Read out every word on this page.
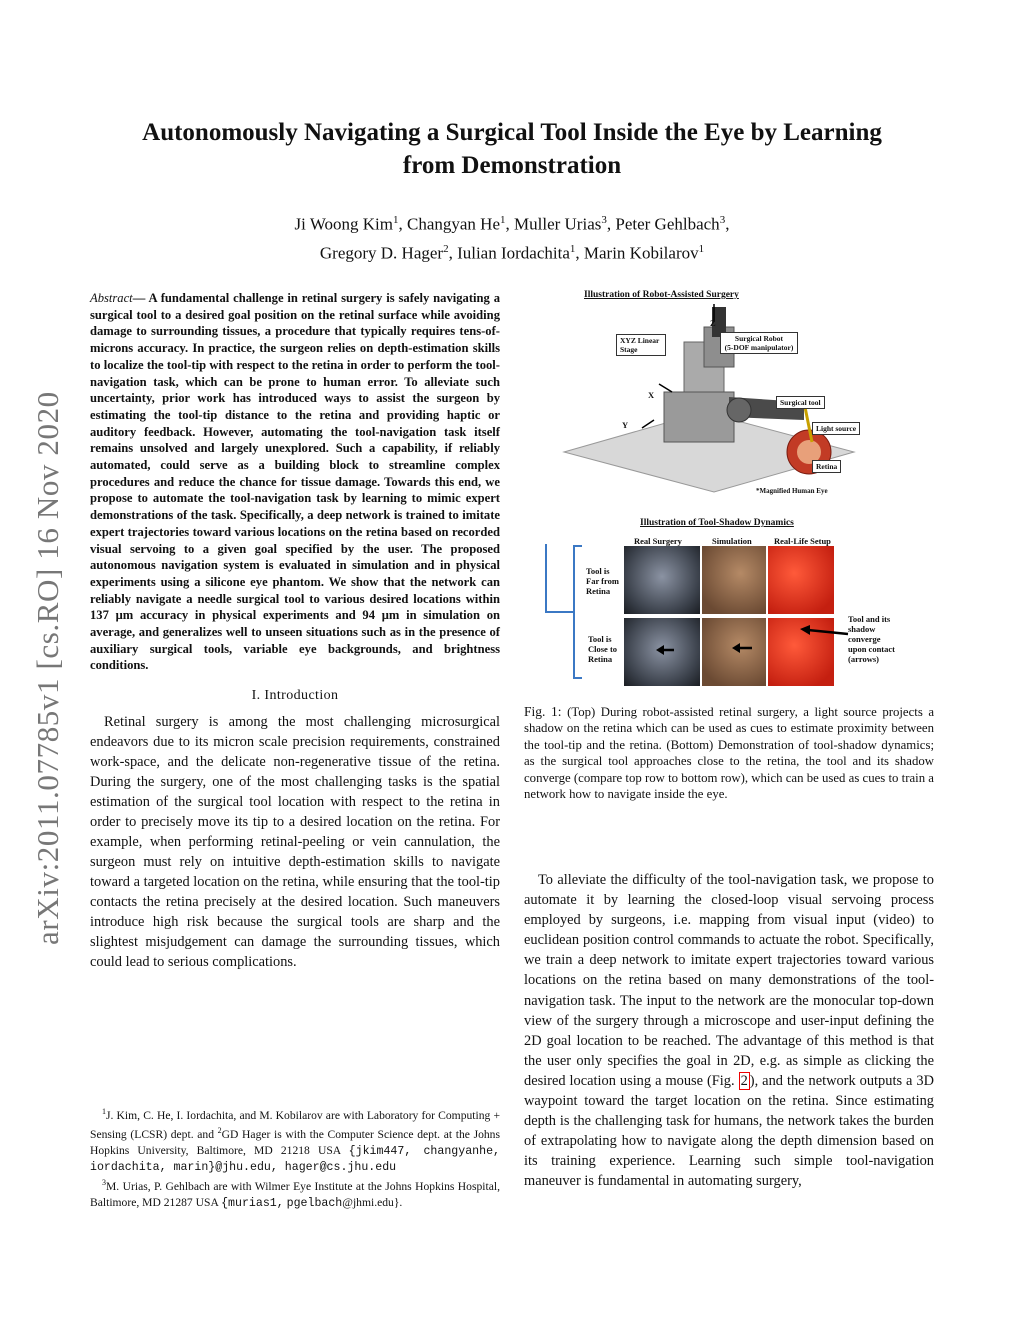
Autonomously Navigating a Surgical Tool Inside the Eye by Learning
from Demonstration
Ji Woong Kim$^1$, Changyan He$^1$, Muller Urias$^3$, Peter Gehlbach$^3$,
Gregory D. Hager$^2$, Iulian Iordachita$^1$, Marin Kobilarov$^1$
arXiv:2011.07785v1 [cs.RO] 16 Nov 2020
Abstract— A fundamental challenge in retinal surgery is safely navigating a surgical tool to a desired goal position on the retinal surface while avoiding damage to surrounding tissues, a procedure that typically requires tens-of-microns accuracy. In practice, the surgeon relies on depth-estimation skills to localize the tool-tip with respect to the retina in order to perform the tool-navigation task, which can be prone to human error. To alleviate such uncertainty, prior work has introduced ways to assist the surgeon by estimating the tool-tip distance to the retina and providing haptic or auditory feedback. However, automating the tool-navigation task itself remains unsolved and largely unexplored. Such a capability, if reliably automated, could serve as a building block to streamline complex procedures and reduce the chance for tissue damage. Towards this end, we propose to automate the tool-navigation task by learning to mimic expert demonstrations of the task. Specifically, a deep network is trained to imitate expert trajectories toward various locations on the retina based on recorded visual servoing to a given goal specified by the user. The proposed autonomous navigation system is evaluated in simulation and in physical experiments using a silicone eye phantom. We show that the network can reliably navigate a needle surgical tool to various desired locations within 137 μm accuracy in physical experiments and 94 μm in simulation on average, and generalizes well to unseen situations such as in the presence of auxiliary surgical tools, variable eye backgrounds, and brightness conditions.
I. Introduction

Retinal surgery is among the most challenging microsurgical endeavors due to its micron scale precision requirements, constrained work-space, and the delicate non-regenerative tissue of the retina. During the surgery, one of the most challenging tasks is the spatial estimation of the surgical tool location with respect to the retina in order to precisely move its tip to a desired location on the retina. For example, when performing retinal-peeling or vein cannulation, the surgeon must rely on intuitive depth-estimation skills to navigate toward a targeted location on the retina, while ensuring that the tool-tip contacts the retina precisely at the desired location. Such maneuvers introduce high risk because the surgical tools are sharp and the slightest misjudgement can damage the surrounding tissues, which could lead to serious complications.

$^1$J. Kim, C. He, I. Iordachita, and M. Kobilarov are with Laboratory for Computing + Sensing (LCSR) dept. and $^2$GD Hager is with the Computer Science dept. at the Johns Hopkins University, Baltimore, MD 21218 USA {jkim447, changyanhe, iordachita, marin}@jhu.edu, hager@cs.jhu.edu

$^3$M. Urias, P. Gehlbach are with Wilmer Eye Institute at the Johns Hopkins Hospital, Baltimore, MD 21287 USA {murias1, pgelbach@jhmi.edu}.

Illustration of Robot-Assisted Surgery
Z
X
Y
XYZ Linear Stage
Surgical Robot
(5-DOF manipulator)
Surgical tool
Light source
Retina
*Magnified Human Eye
Illustration of Tool-Shadow Dynamics
Real Surgery	Simulation	Real-Life Setup
Tool is
Far from
Retina
Tool is
Close to
Retina
Tool and its
shadow
converge
upon contact
(arrows)
Fig. 1: (Top) During robot-assisted retinal surgery, a light source projects a shadow on the retina which can be used as cues to estimate proximity between the tool-tip and the retina. (Bottom) Demonstration of tool-shadow dynamics; as the surgical tool approaches close to the retina, the tool and its shadow converge (compare top row to bottom row), which can be used as cues to train a network how to navigate inside the eye.

To alleviate the difficulty of the tool-navigation task, we propose to automate it by learning the closed-loop visual servoing process employed by surgeons, i.e. mapping from visual input (video) to euclidean position control commands to actuate the robot. Specifically, we train a deep network to imitate expert trajectories toward various locations on the retina based on many demonstrations of the tool-navigation task. The input to the network are the monocular top-down view of the surgery through a microscope and user-input defining the 2D goal location to be reached. The advantage of this method is that the user only specifies the goal in 2D, e.g. as simple as clicking the desired location using a mouse (Fig. 2 ), and the network outputs a 3D waypoint toward the target location on the retina. Since estimating depth is the challenging task for humans, the network takes the burden of extrapolating how to navigate along the depth dimension based on its training experience. Learning such simple tool-navigation maneuver is fundamental in automating surgery,
